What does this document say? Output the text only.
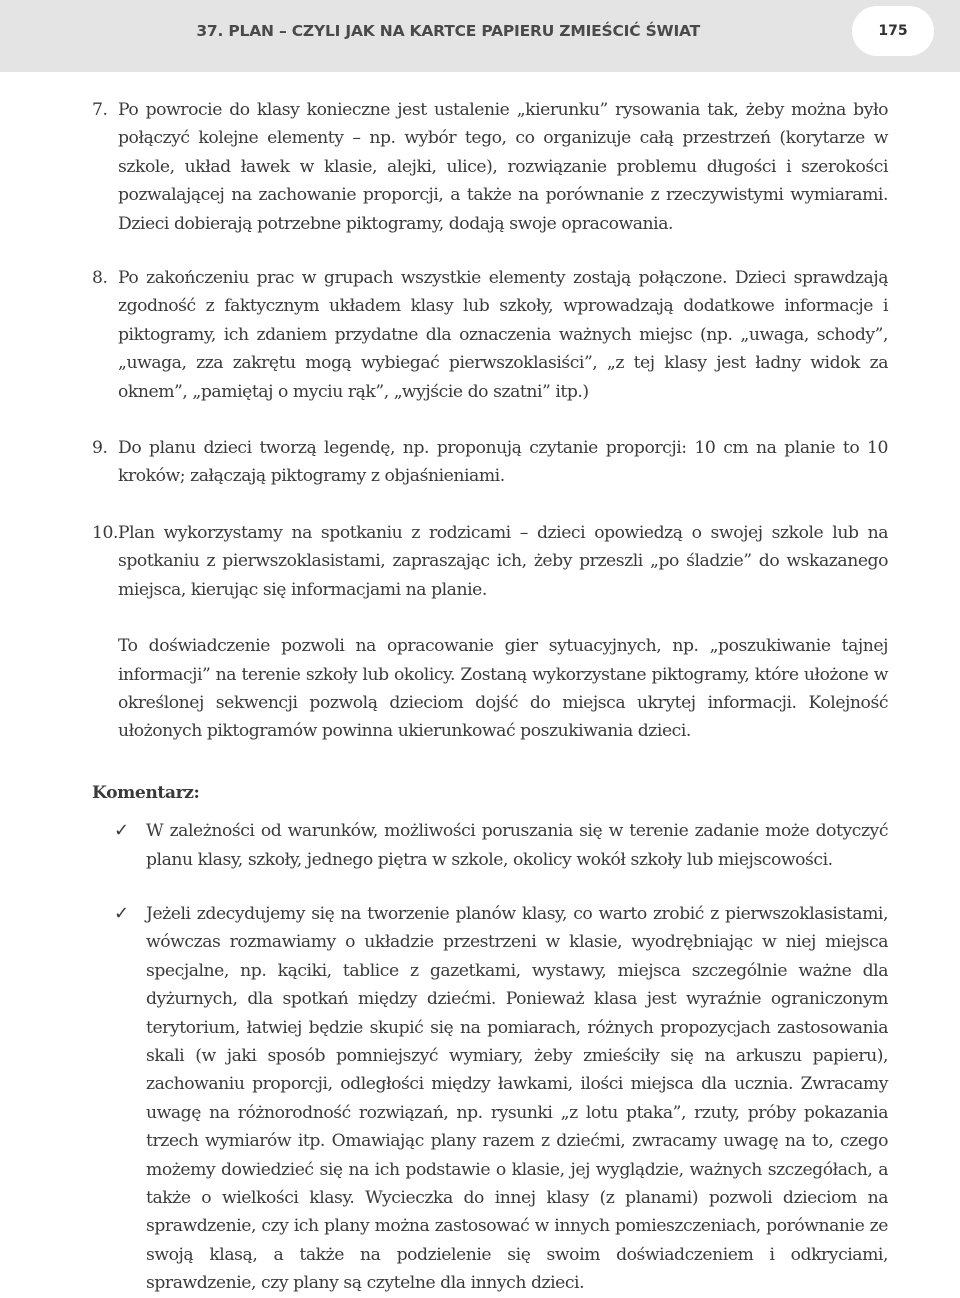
37. PLAN – CZYLI JAK NA KARTCE PAPIERU ZMIEŚCIĆ ŚWIAT	175
7. Po powrocie do klasy konieczne jest ustalenie „kierunku” rysowania tak, żeby można było połączyć kolejne elementy – np. wybór tego, co organizuje całą przestrzeń (korytarze w szkole, układ ławek w klasie, alejki, ulice), rozwiązanie problemu długości i szerokości pozwalającej na zachowanie proporcji, a także na porównanie z rzeczywistymi wymiarami. Dzieci dobierają potrzebne piktogramy, dodają swoje opracowania.
8. Po zakończeniu prac w grupach wszystkie elementy zostają połączone. Dzieci sprawdzają zgodność z faktycznym układem klasy lub szkoły, wprowadzają dodatkowe informacje i piktogramy, ich zdaniem przydatne dla oznaczenia ważnych miejsc (np. „uwaga, schody”, „uwaga, zza zakrętu mogą wybiegać pierwszoklasiści”, „z tej klasy jest ładny widok za oknem”, „pamiętaj o myciu rąk”, „wyjście do szatni” itp.)
9. Do planu dzieci tworzą legendę, np. proponują czytanie proporcji: 10 cm na planie to 10 kroków; załączają piktogramy z objaśnieniami.
10. Plan wykorzystamy na spotkaniu z rodzicami – dzieci opowiedzą o swojej szkole lub na spotkaniu z pierwszoklasistami, zapraszając ich, żeby przeszli „po śladzie” do wskazanego miejsca, kierując się informacjami na planie.
To doświadczenie pozwoli na opracowanie gier sytuacyjnych, np. „poszukiwanie tajnej informacji” na terenie szkoły lub okolicy. Zostaną wykorzystane piktogramy, które ułożone w określonej sekwencji pozwolą dzieciom dojść do miejsca ukrytej informacji. Kolejność ułożonych piktogramów powinna ukierunkować poszukiwania dzieci.
Komentarz:
✓ W zależności od warunków, możliwości poruszania się w terenie zadanie może dotyczyć planu klasy, szkoły, jednego piętra w szkole, okolicy wokół szkoły lub miejscowości.
✓ Jeżeli zdecydujemy się na tworzenie planów klasy, co warto zrobić z pierwszoklasistami, wówczas rozmawiamy o układzie przestrzeni w klasie, wyodrębniając w niej miejsca specjalne, np. kąciki, tablice z gazetkami, wystawy, miejsca szczególnie ważne dla dyżurnych, dla spotkań między dziećmi. Ponieważ klasa jest wyraźnie ograniczonym terytorium, łatwiej będzie skupić się na pomiarach, różnych propozycjach zastosowania skali (w jaki sposób pomniejszyć wymiary, żeby zmieściły się na arkuszu papieru), zachowaniu proporcji, odległości między ławkami, ilości miejsca dla ucznia. Zwracamy uwagę na różnorodność rozwiązań, np. rysunki „z lotu ptaka”, rzuty, próby pokazania trzech wymiarów itp. Omawiając plany razem z dziećmi, zwracamy uwagę na to, czego możemy dowiedzieć się na ich podstawie o klasie, jej wyglądzie, ważnych szczegółach, a także o wielkości klasy. Wycieczka do innej klasy (z planami) pozwoli dzieciom na sprawdzenie, czy ich plany można zastosować w innych pomieszczeniach, porównanie ze swoją klasą, a także na podzielenie się swoim doświadczeniem i odkryciami, sprawdzenie, czy plany są czytelne dla innych dzieci.
